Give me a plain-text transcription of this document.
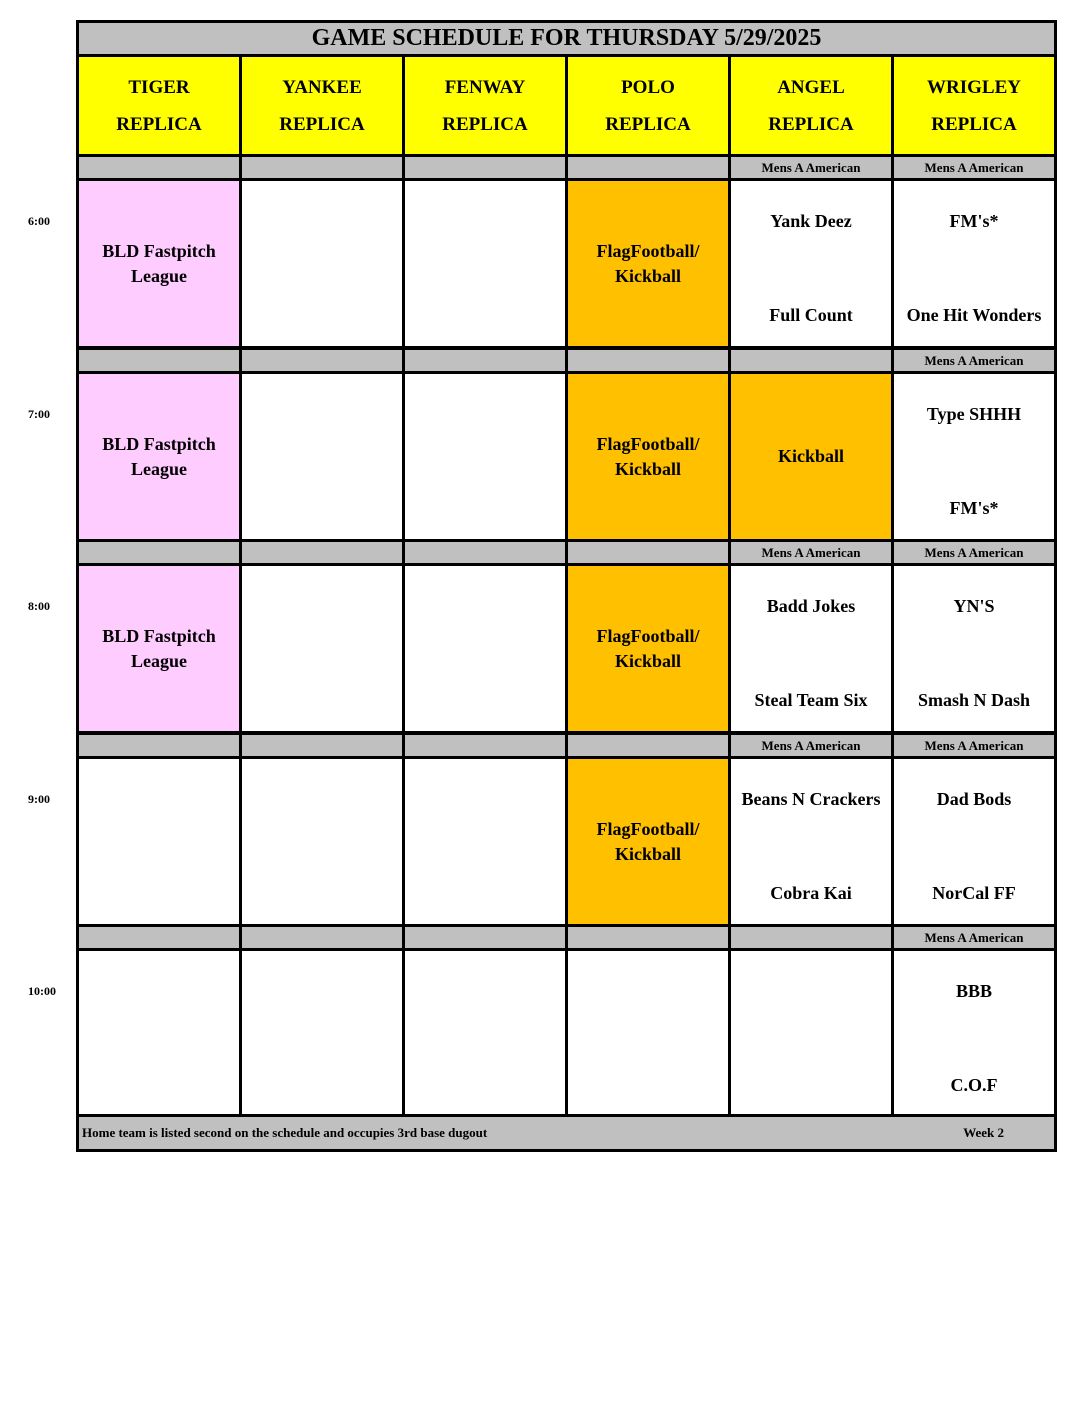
GAME SCHEDULE FOR THURSDAY 5/29/2025
TIGER
REPLICA
YANKEE
REPLICA
FENWAY
REPLICA
POLO
REPLICA
ANGEL
REPLICA
WRIGLEY
REPLICA
BLD Fastpitch
League
FlagFootball/
Kickball
Mens A American
Yank Deez
Full Count
Mens A American
FM's*
One Hit Wonders
BLD Fastpitch
League
FlagFootball/
Kickball
Kickball
Mens A American
Type SHHH
FM's*
BLD Fastpitch
League
FlagFootball/
Kickball
Mens A American
Badd Jokes
Steal Team Six
Mens A American
YN'S
Smash N Dash
FlagFootball/
Kickball
Mens A American
Beans N Crackers
Cobra Kai
Mens A American
Dad Bods
NorCal FF
Mens A American
BBB
C.O.F
6:00
7:00
8:00
9:00
10:00
Home team is listed second on the schedule and occupies 3rd base dugout	Week 2
